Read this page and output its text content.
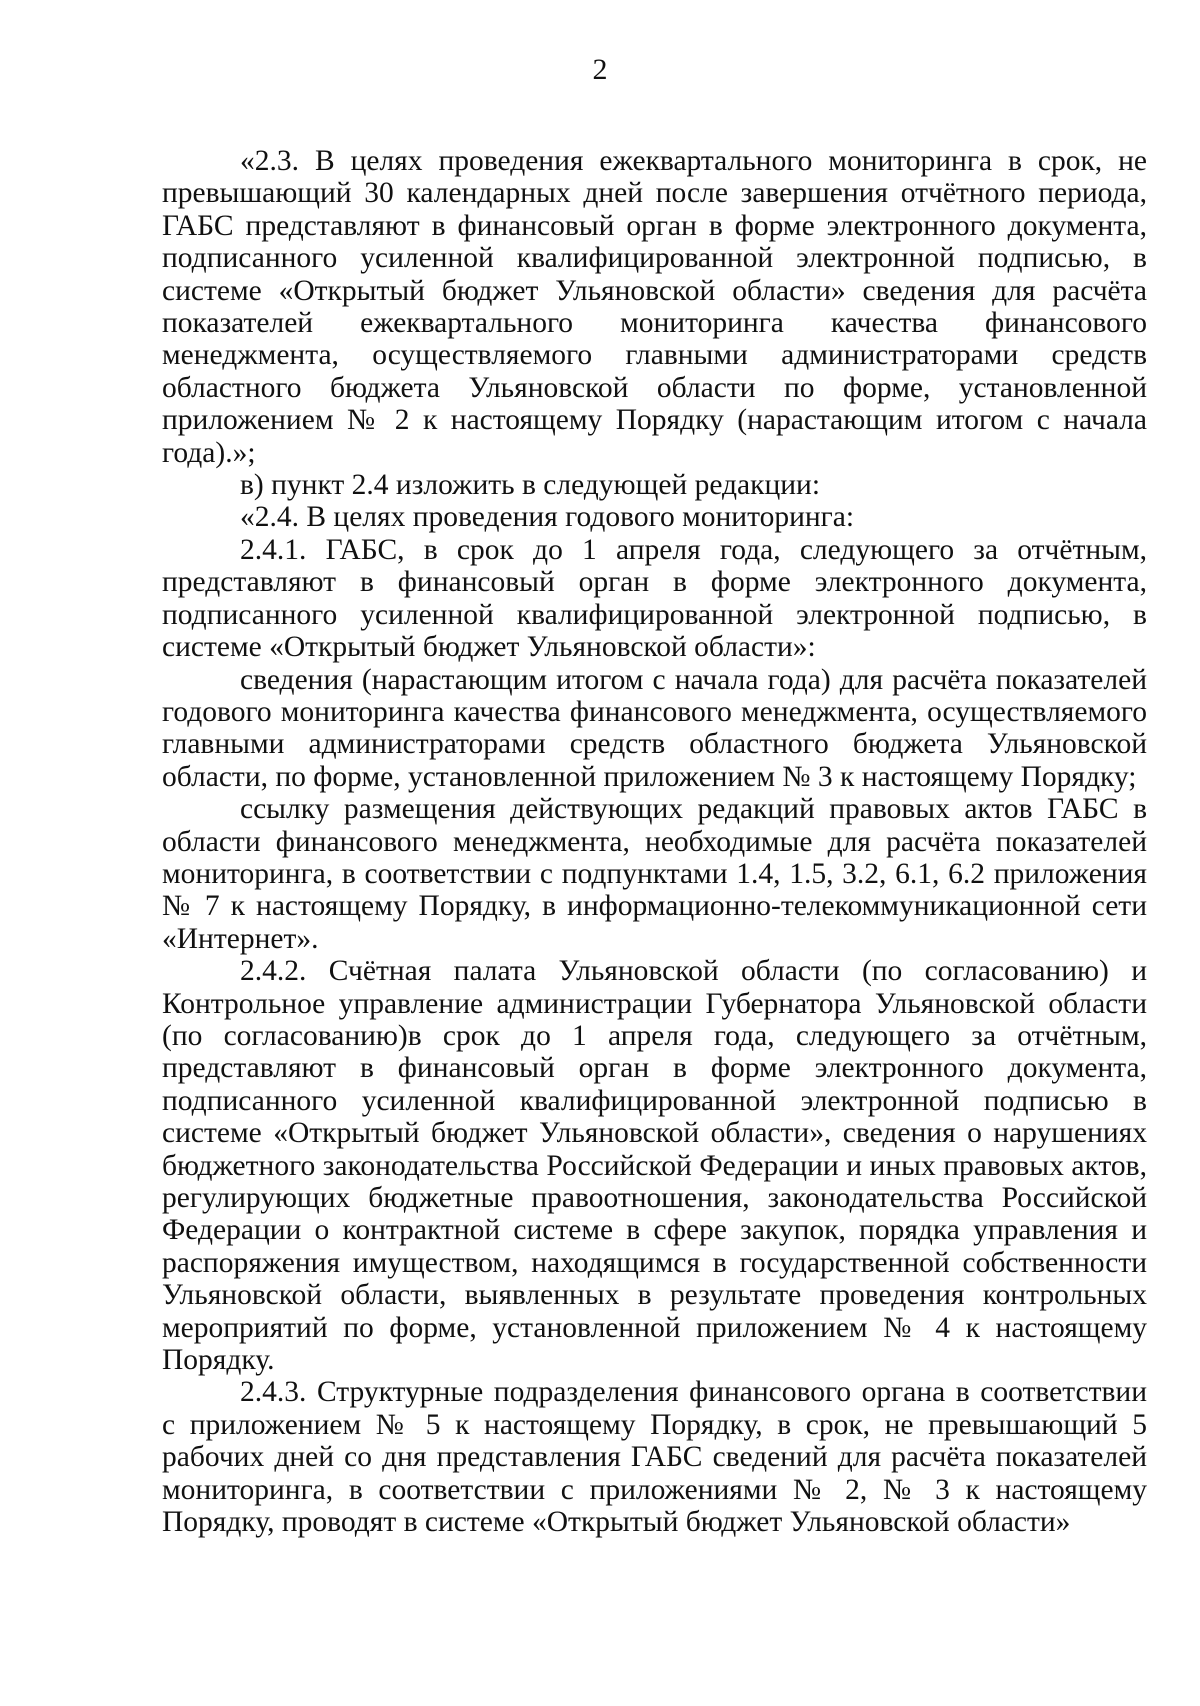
2

«2.3. В целях проведения ежеквартального мониторинга в срок, не превышающий 30 календарных дней после завершения отчётного периода, ГАБС представляют в финансовый орган в форме электронного документа, подписанного усиленной квалифицированной электронной подписью, в системе «Открытый бюджет Ульяновской области» сведения для расчёта показателей ежеквартального мониторинга качества финансового менеджмента, осуществляемого главными администраторами средств областного бюджета Ульяновской области по форме, установленной приложением № 2 к настоящему Порядку (нарастающим итогом с начала года).»;

в) пункт 2.4 изложить в следующей редакции:

«2.4. В целях проведения годового мониторинга:

2.4.1. ГАБС, в срок до 1 апреля года, следующего за отчётным, представляют в финансовый орган в форме электронного документа, подписанного усиленной квалифицированной электронной подписью, в системе «Открытый бюджет Ульяновской области»:

сведения (нарастающим итогом с начала года) для расчёта показателей годового мониторинга качества финансового менеджмента, осуществляемого главными администраторами средств областного бюджета Ульяновской области, по форме, установленной приложением № 3 к настоящему Порядку;

ссылку размещения действующих редакций правовых актов ГАБС в области финансового менеджмента, необходимые для расчёта показателей мониторинга, в соответствии с подпунктами 1.4, 1.5, 3.2, 6.1, 6.2 приложения № 7 к настоящему Порядку, в информационно-телекоммуникационной сети «Интернет».

2.4.2. Счётная палата Ульяновской области (по согласованию) и Контрольное управление администрации Губернатора Ульяновской области (по согласованию)в срок до 1 апреля года, следующего за отчётным, представляют в финансовый орган в форме электронного документа, подписанного усиленной квалифицированной электронной подписью в системе «Открытый бюджет Ульяновской области», сведения о нарушениях бюджетного законодательства Российской Федерации и иных правовых актов, регулирующих бюджетные правоотношения, законодательства Российской Федерации о контрактной системе в сфере закупок, порядка управления и распоряжения имуществом, находящимся в государственной собственности Ульяновской области, выявленных в результате проведения контрольных мероприятий по форме, установленной приложением № 4 к настоящему Порядку.

2.4.3. Структурные подразделения финансового органа в соответствии с приложением № 5 к настоящему Порядку, в срок, не превышающий 5 рабочих дней со дня представления ГАБС сведений для расчёта показателей мониторинга, в соответствии с приложениями № 2, № 3 к настоящему Порядку, проводят в системе «Открытый бюджет Ульяновской области»
